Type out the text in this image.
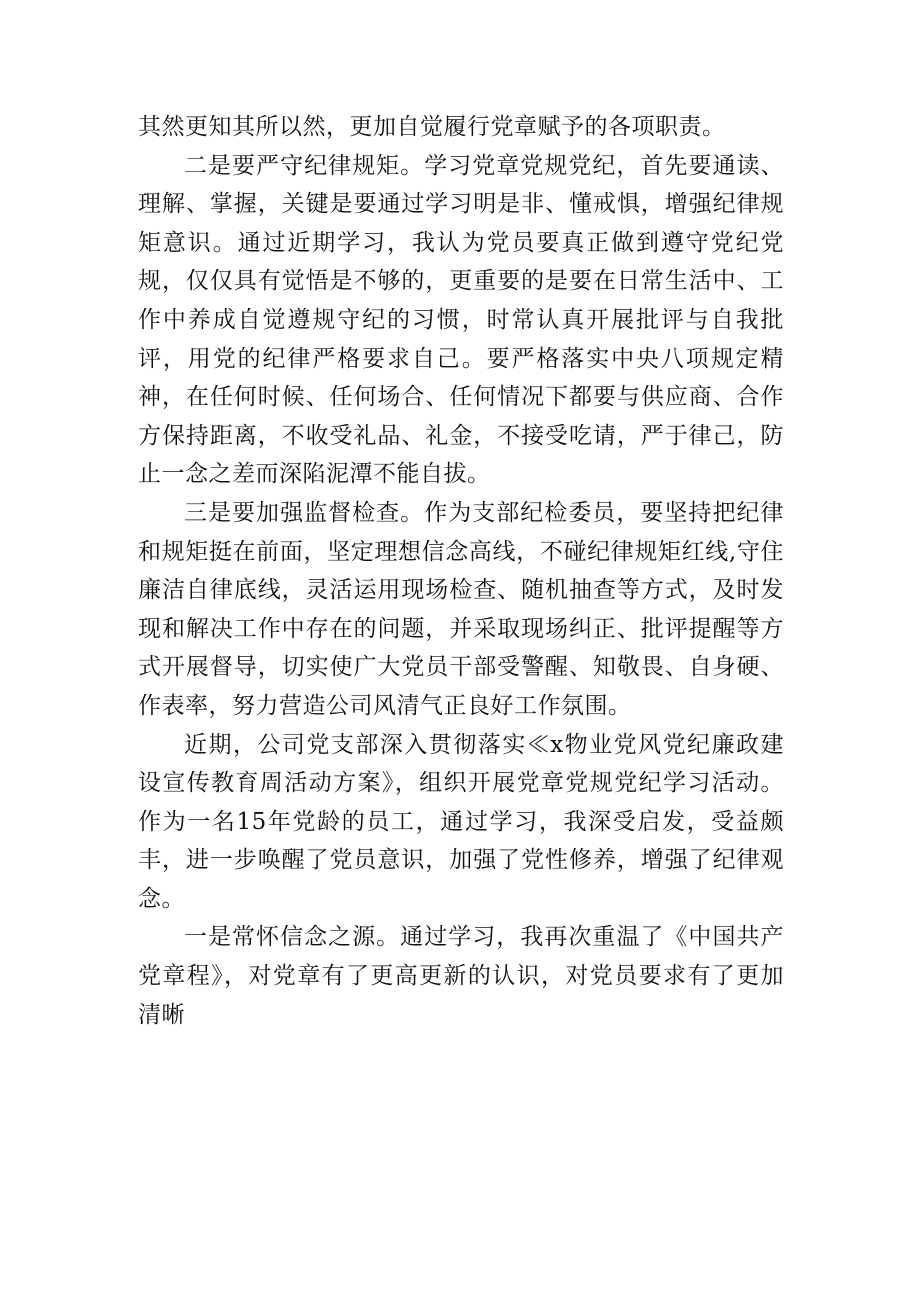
其然更知其所以然，更加自觉履行党章赋予的各项职责。

二是要严守纪律规矩。学习党章党规党纪，首先要通读、理解、掌握，关键是要通过学习明是非、懂戒惧，增强纪律规矩意识。通过近期学习，我认为党员要真正做到遵守党纪党规，仅仅具有觉悟是不够的，更重要的是要在日常生活中、工作中养成自觉遵规守纪的习惯，时常认真开展批评与自我批评，用党的纪律严格要求自己。要严格落实中央八项规定精神，在任何时候、任何场合、任何情况下都要与供应商、合作方保持距离，不收受礼品、礼金，不接受吃请，严于律己，防止一念之差而深陷泥潭不能自拔。

三是要加强监督检查。作为支部纪检委员，要坚持把纪律和规矩挺在前面，坚定理想信念高线，不碰纪律规矩红线,守住廉洁自律底线，灵活运用现场检查、随机抽查等方式，及时发现和解决工作中存在的问题，并采取现场纠正、批评提醒等方式开展督导，切实使广大党员干部受警醒、知敬畏、自身硬、作表率，努力营造公司风清气正良好工作氛围。

近期，公司党支部深入贯彻落实≪x物业党风党纪廉政建设宣传教育周活动方案》，组织开展党章党规党纪学习活动。作为一名15年党龄的员工，通过学习，我深受启发，受益颇丰，进一步唤醒了党员意识，加强了党性修养，增强了纪律观念。

一是常怀信念之源。通过学习，我再次重温了《中国共产党章程》，对党章有了更高更新的认识，对党员要求有了更加清晰
